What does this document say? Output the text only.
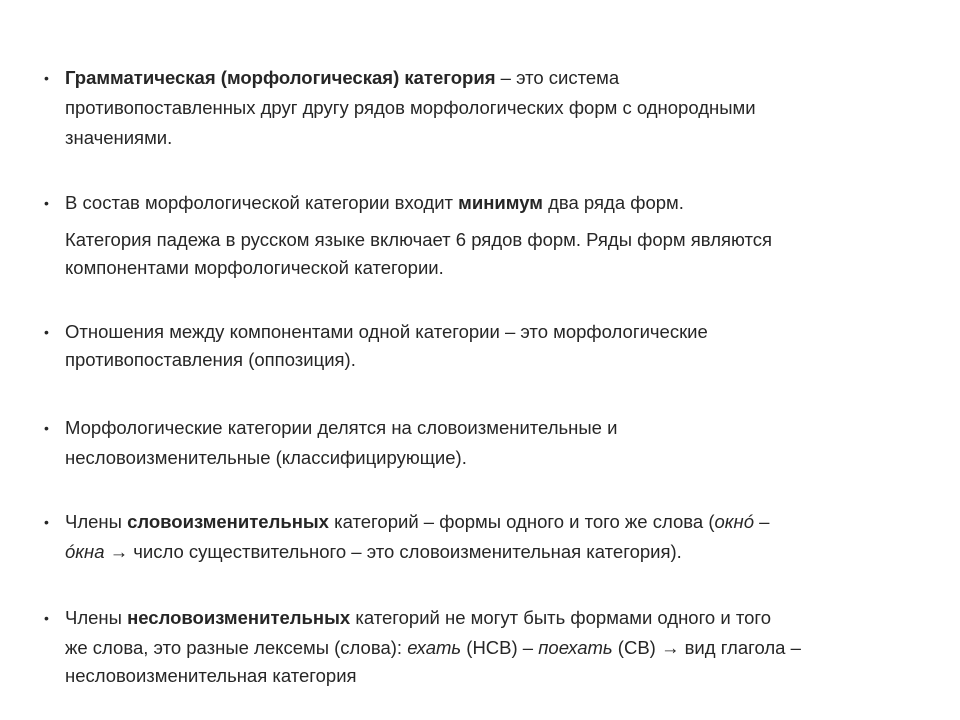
• Грамматическая (морфологическая) категория – это система
противопоставленных друг другу рядов морфологических форм с однородными
значениями.
• В состав морфологической категории входит минимум два ряда форм.
Категория падежа в русском языке включает 6 рядов форм. Ряды форм являются
компонентами морфологической категории.
• Отношения между компонентами одной категории – это морфологические
противопоставления (оппозиция).
• Морфологические категории делятся на словоизменительные и
несловоизменительные (классифицирующие).
• Члены словоизменительных категорий – формы одного и того же слова (окнó –
óкна → число существительного – это словоизменительная категория).
• Члены несловоизменительных категорий не могут быть формами одного и того
же слова, это разные лексемы (слова): ехать (НСВ) – поехать (СВ) → вид глагола –
несловоизменительная категория
